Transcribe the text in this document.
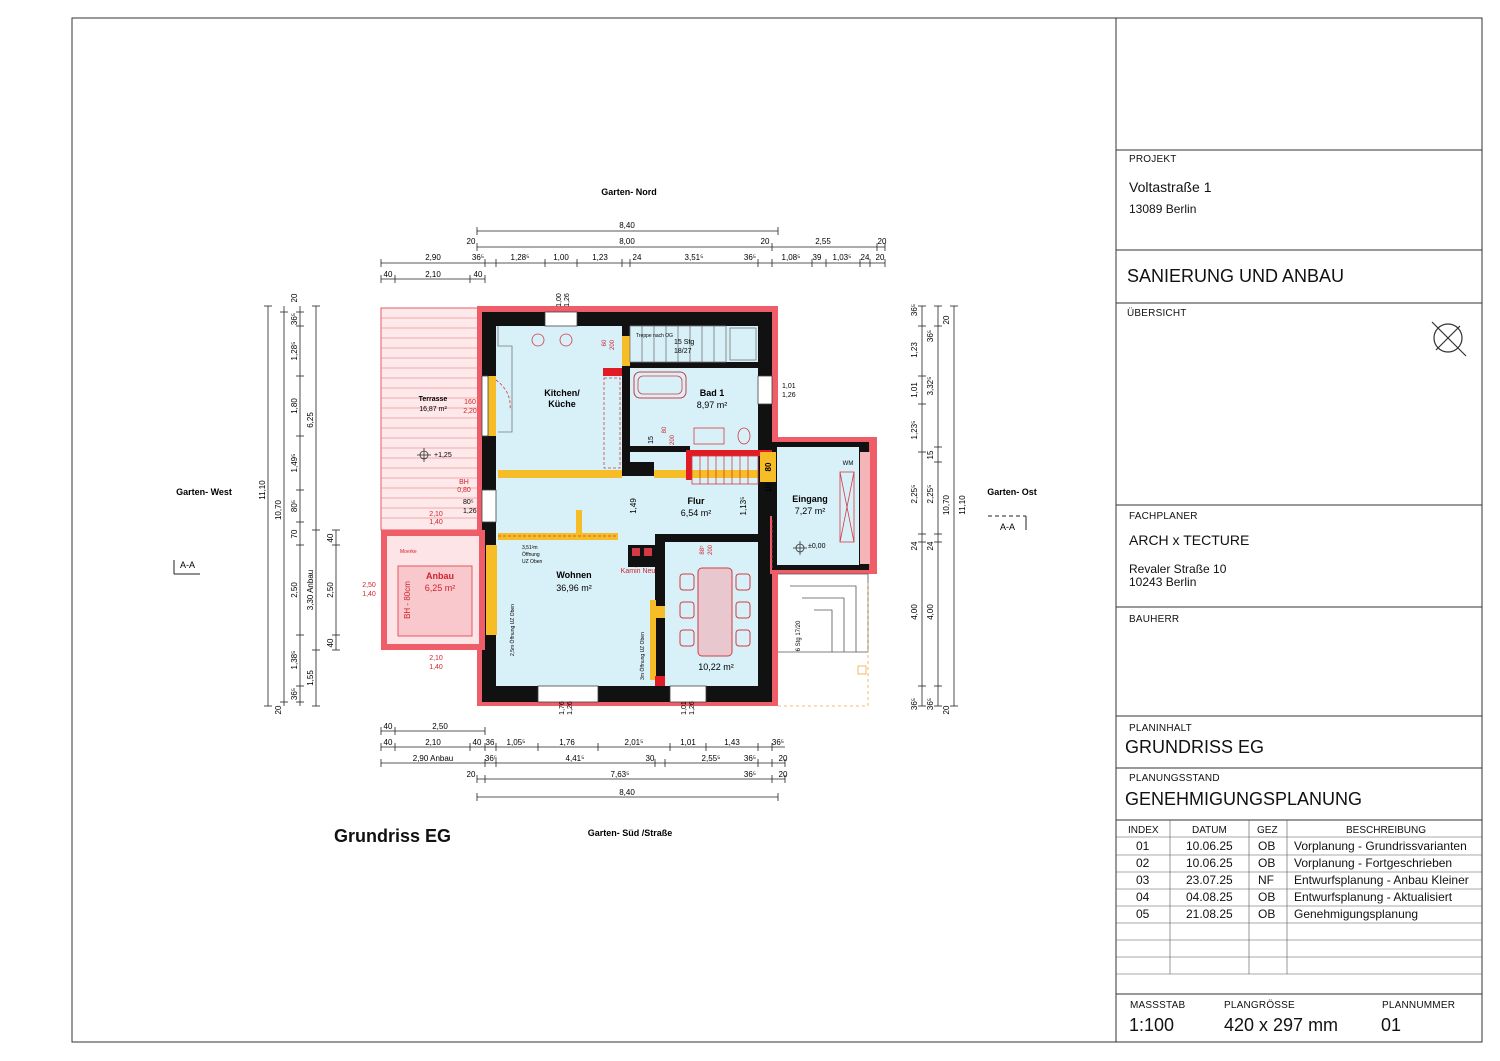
Garten- Nord
Garten- Süd /Straße
Garten- West	Garten- Ost
A-A
A-A
Kitchen/
Küche
Bad 1
8,97 m²
Flur
6,54 m²
Eingang
7,27 m²
Wohnen
36,96 m²
10,22 m²
Terrasse
16,87 m²
Anbau
6,25 m²
BH - 80cm
Kamin Neu
WM
15 Stg
18/27
Treppe nach OG
+1,25
±0,00
BH
0,80
3,51²m
Öffnung
UZ Oben
2,5m Öffnung UZ Oben
3m Öffnung UZ Oben	6 Stg 17/20
Moerke
8,40
20	8,00	20	2,55	20
2,90	36⁵	1,28⁵	1,00	1,23	24	3,51⁵	36⁵	1,08⁵ 39 1,03⁵ 24 20
40	2,10	40
40	2,50
40	2,10	40 36 1,05⁵	1,76	2,01⁵	1,01	1,43	36⁵
2,90 Anbau	36⁵	4,41⁵	30	2,55⁵	36⁵	20
20	7,63⁵	36⁵	20
8,40
11,10
10,70
6,25
3,30 Anbau
20
36⁵
1,28⁵
1,80
1,49⁵
80⁵
70
2,50
1,38⁵
1,55
36⁵
20
40
2,50
40
11,10
10,70
36⁵
1,23
1,01
1,23⁵
2,25⁵
24
4,00
36⁵
20
36⁵
3,32⁵
15
2,25⁵
24
4,00
36⁵ 20
1,00 1,26
1,01
1,26
1,76 1,26	1,01 1,26
80⁵
1,26
2,10
1,40
2,10
1,40
2,50
1,40
160
2,20
1,49	1,13⁵
80
10
15
80
200
60 200
88⁵ 200
Grundriss EG
PROJEKT
Voltastraße 1
13089 Berlin
SANIERUNG UND ANBAU
ÜBERSICHT
FACHPLANER
ARCH x TECTURE
Revaler Straße 10
10243 Berlin
BAUHERR
PLANINHALT
GRUNDRISS EG
PLANUNGSSTAND
GENEHMIGUNGSPLANUNG
INDEX	DATUM	GEZ	BESCHREIBUNG
01	10.06.25 OB Vorplanung - Grundrissvarianten
02	10.06.25 OB Vorplanung - Fortgeschrieben
03	23.07.25 NF Entwurfsplanung - Anbau Kleiner
04	04.08.25 OB Entwurfsplanung - Aktualisiert
05	21.08.25 OB Genehmigungsplanung
MASSSTAB
1:100
PLANGRÖSSE
420 x 297 mm
PLANNUMMER
01
